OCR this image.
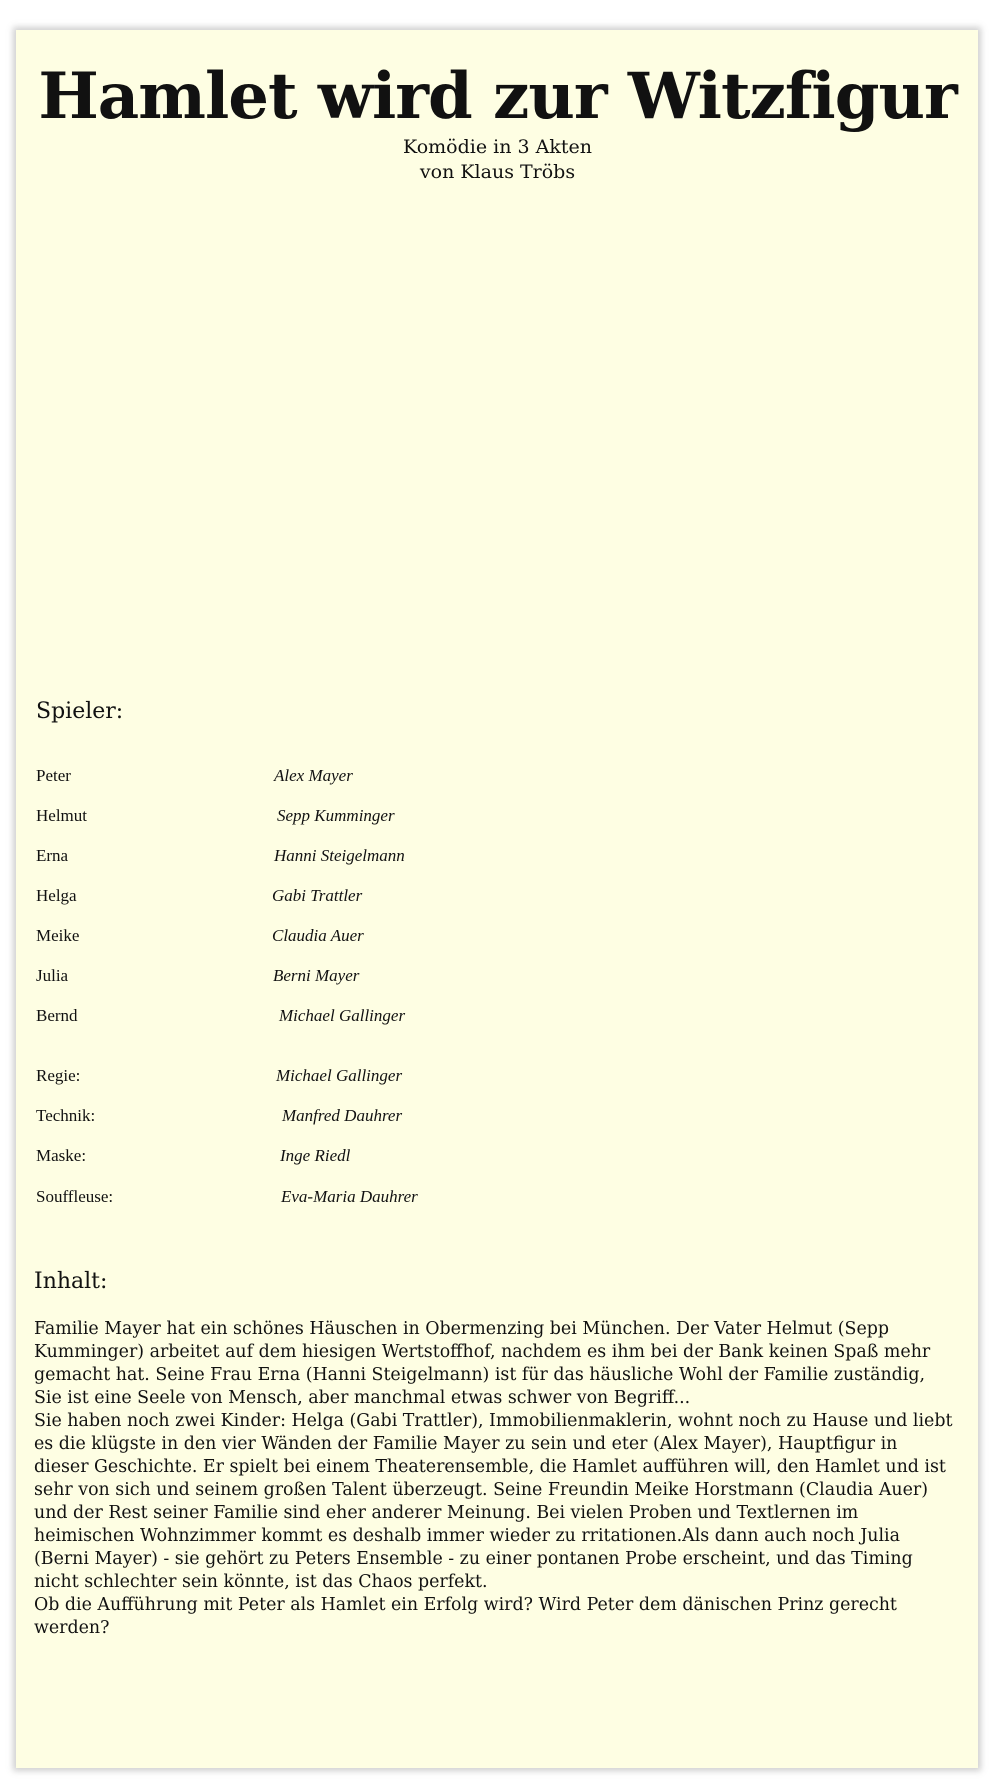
Hamlet wird zur Witzfigur
Komödie in 3 Akten
von Klaus Tröbs
Spieler:
Peter	Alex Mayer
Helmut	Sepp Kumminger
Erna	Hanni Steigelmann
Helga	Gabi Trattler
Meike	Claudia Auer
Julia	Berni Mayer
Bernd	Michael Gallinger
Regie:	Michael Gallinger
Technik:	Manfred Dauhrer
Maske:	Inge Riedl
Souffleuse:	Eva-Maria Dauhrer
Inhalt:

Familie Mayer hat ein schönes Häuschen in Obermenzing bei München. Der Vater Helmut (Sepp Kumminger) arbeitet auf dem hiesigen Wertstoffhof, nachdem es ihm bei der Bank keinen Spaß mehr gemacht hat. Seine Frau Erna (Hanni Steigelmann) ist für das häusliche Wohl der Familie zuständig, Sie ist eine Seele von Mensch, aber manchmal etwas schwer von Begriff...

Sie haben noch zwei Kinder: Helga (Gabi Trattler), Immobilienmaklerin, wohnt noch zu Hause und liebt es die klügste in den vier Wänden der Familie Mayer zu sein und eter (Alex Mayer), Hauptfigur in dieser Geschichte. Er spielt bei einem Theaterensemble, die Hamlet aufführen will, den Hamlet und ist sehr von sich und seinem großen Talent überzeugt. Seine Freundin Meike Horstmann (Claudia Auer) und der Rest seiner Familie sind eher anderer Meinung. Bei vielen Proben und Textlernen im heimischen Wohnzimmer kommt es deshalb immer wieder zu rritationen.Als dann auch noch Julia (Berni Mayer) - sie gehört zu Peters Ensemble - zu einer pontanen Probe erscheint, und das Timing nicht schlechter sein könnte, ist das Chaos perfekt.

Ob die Aufführung mit Peter als Hamlet ein Erfolg wird? Wird Peter dem dänischen Prinz gerecht werden?
